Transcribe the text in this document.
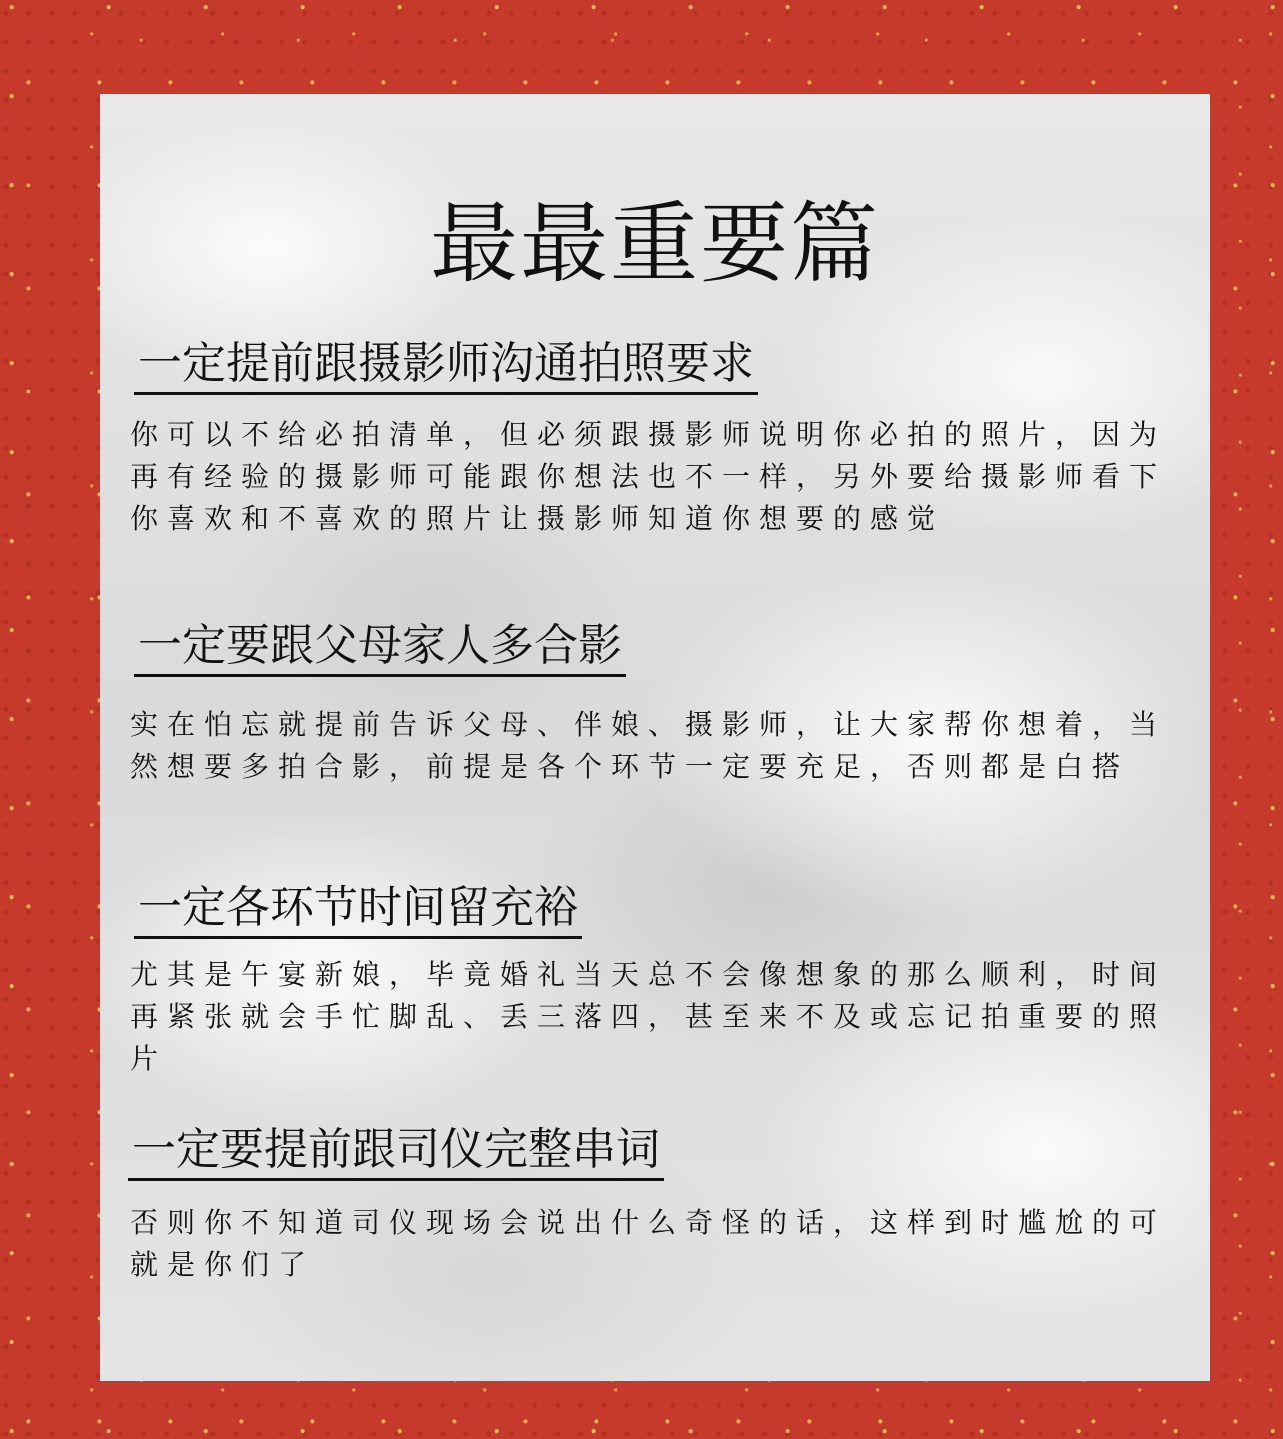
最最重要篇
一定提前跟摄影师沟通拍照要求

你可以不给必拍清单，但必须跟摄影师说明你必拍的照片，因为再有经验的摄影师可能跟你想法也不一样，另外要给摄影师看下你喜欢和不喜欢的照片让摄影师知道你想要的感觉

一定要跟父母家人多合影

实在怕忘就提前告诉父母、伴娘、摄影师，让大家帮你想着，当然想要多拍合影，前提是各个环节一定要充足，否则都是白搭

一定各环节时间留充裕

尤其是午宴新娘，毕竟婚礼当天总不会像想象的那么顺利，时间再紧张就会手忙脚乱、丢三落四，甚至来不及或忘记拍重要的照片

一定要提前跟司仪完整串词

否则你不知道司仪现场会说出什么奇怪的话，这样到时尴尬的可就是你们了
